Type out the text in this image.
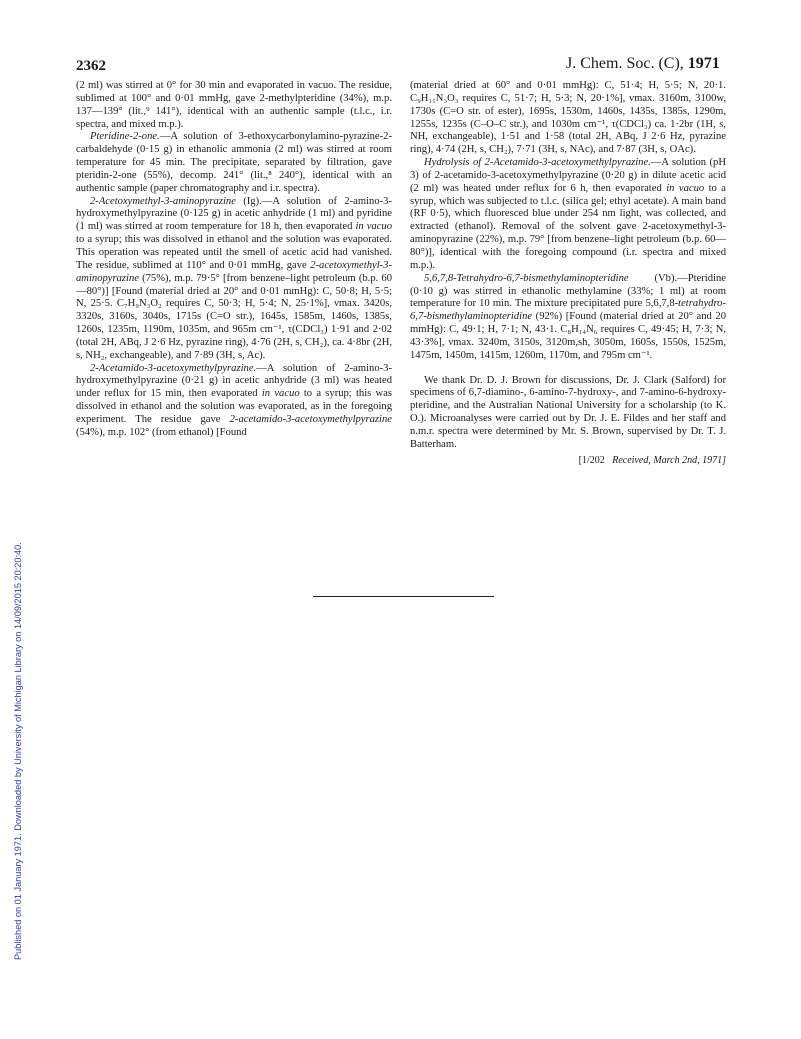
Published on 01 January 1971. Downloaded by University of Michigan Library on 14/09/2015 20:20:40.
2362	J. Chem. Soc. (C), 1971

(2 ml) was stirred at 0° for 30 min and evaporated in vacuo. The residue, sublimed at 100° and 0·01 mmHg, gave 2-methylpteridine (34%), m.p. 137—139° (lit.,⁹ 141°), identical with an authentic sample (t.l.c., i.r. spectra, and mixed m.p.).

Pteridine-2-one.—A solution of 3-ethoxycarbonylamino-pyrazine-2-carbaldehyde (0·15 g) in ethanolic ammonia (2 ml) was stirred at room temperature for 45 min. The precipitate, separated by filtration, gave pteridin-2-one (55%), decomp. 241° (lit.,⁸ 240°), identical with an authentic sample (paper chromatography and i.r. spectra).

2-Acetoxymethyl-3-aminopyrazine (Ig).—A solution of 2-amino-3-hydroxymethylpyrazine (0·125 g) in acetic anhydride (1 ml) and pyridine (1 ml) was stirred at room temperature for 18 h, then evaporated in vacuo to a syrup; this was dissolved in ethanol and the solution was evaporated. This operation was repeated until the smell of acetic acid had vanished. The residue, sublimed at 110° and 0·01 mmHg, gave 2-acetoxymethyl-3-aminopyrazine (75%), m.p. 79·5° [from benzene–light petroleum (b.p. 60—80°)] [Found (material dried at 20° and 0·01 mmHg): C, 50·8; H, 5·5; N, 25·5. C₇H₉N₃O₂ requires C, 50·3; H, 5·4; N, 25·1%], νmax. 3420s, 3320s, 3160s, 3040s, 1715s (C=O str.), 1645s, 1585m, 1460s, 1385s, 1260s, 1235m, 1190m, 1035m, and 965m cm⁻¹, τ(CDCl₃) 1·91 and 2·02 (total 2H, ABq, J 2·6 Hz, pyrazine ring), 4·76 (2H, s, CH₂), ca. 4·8br (2H, s, NH₂, exchangeable), and 7·89 (3H, s, Ac).

2-Acetamido-3-acetoxymethylpyrazine.—A solution of 2-amino-3-hydroxymethylpyrazine (0·21 g) in acetic anhydride (3 ml) was heated under reflux for 15 min, then evaporated in vacuo to a syrup; this was dissolved in ethanol and the solution was evaporated, as in the foregoing experiment. The residue gave 2-acetamido-3-acetoxymethylpyrazine (54%), m.p. 102° (from ethanol) [Found

(material dried at 60° and 0·01 mmHg): C, 51·4; H, 5·5; N, 20·1. C₉H₁₁N₃O₃ requires C, 51·7; H, 5·3; N, 20·1%], νmax. 3160m, 3100w, 1730s (C=O str. of ester), 1695s, 1530m, 1460s, 1435s, 1385s, 1290m, 1255s, 1235s (C–O–C str.), and 1030m cm⁻¹, τ(CDCl₃) ca. 1·2br (1H, s, NH, exchangeable), 1·51 and 1·58 (total 2H, ABq, J 2·6 Hz, pyrazine ring), 4·74 (2H, s, CH₂), 7·71 (3H, s, NAc), and 7·87 (3H, s, OAc).

Hydrolysis of 2-Acetamido-3-acetoxymethylpyrazine.—A solution (pH 3) of 2-acetamido-3-acetoxymethylpyrazine (0·20 g) in dilute acetic acid (2 ml) was heated under reflux for 6 h, then evaporated in vacuo to a syrup, which was subjected to t.l.c. (silica gel; ethyl acetate). A main band (RF 0·5), which fluoresced blue under 254 nm light, was collected, and extracted (ethanol). Removal of the solvent gave 2-acetoxymethyl-3-aminopyrazine (22%), m.p. 79° [from benzene–light petroleum (b.p. 60—80°)], identical with the foregoing compound (i.r. spectra and mixed m.p.).

5,6,7,8-Tetrahydro-6,7-bismethylaminopteridine (Vb).—Pteridine (0·10 g) was stirred in ethanolic methylamine (33%; 1 ml) at room temperature for 10 min. The mixture precipitated pure 5,6,7,8-tetrahydro-6,7-bismethylaminopteridine (92%) [Found (material dried at 20° and 20 mmHg): C, 49·1; H, 7·1; N, 43·1. C₈H₁₄N₆ requires C, 49·45; H, 7·3; N, 43·3%], νmax. 3240m, 3150s, 3120m,sh, 3050m, 1605s, 1550s, 1525m, 1475m, 1450m, 1415m, 1260m, 1170m, and 795m cm⁻¹.

We thank Dr. D. J. Brown for discussions, Dr. J. Clark (Salford) for specimens of 6,7-diamino-, 6-amino-7-hydroxy-, and 7-amino-6-hydroxy-pteridine, and the Australian National University for a scholarship (to K. O.). Microanalyses were carried out by Dr. J. E. Fildes and her staff and n.m.r. spectra were determined by Mr. S. Brown, supervised by Dr. T. J. Batterham.

[1/202 Received, March 2nd, 1971]
